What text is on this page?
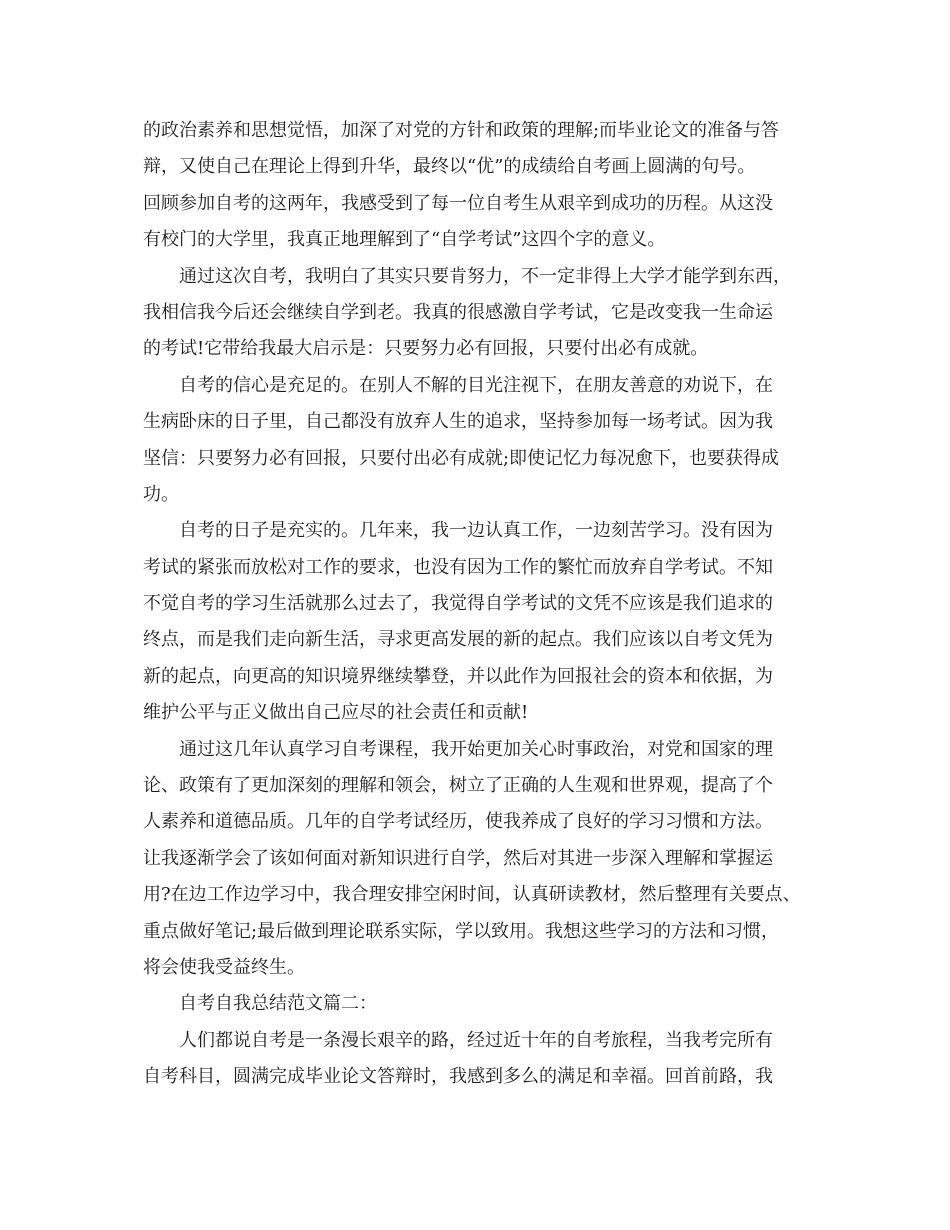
的政治素养和思想觉悟，加深了对党的方针和政策的理解;而毕业论文的准备与答
辩，又使自己在理论上得到升华，最终以“优”的成绩给自考画上圆满的句号。
回顾参加自考的这两年，我感受到了每一位自考生从艰辛到成功的历程。从这没
有校门的大学里，我真正地理解到了“自学考试”这四个字的意义。
通过这次自考，我明白了其实只要肯努力，不一定非得上大学才能学到东西，
我相信我今后还会继续自学到老。我真的很感激自学考试，它是改变我一生命运
的考试!它带给我最大启示是：只要努力必有回报，只要付出必有成就。
自考的信心是充足的。在别人不解的目光注视下，在朋友善意的劝说下，在
生病卧床的日子里，自己都没有放弃人生的追求，坚持参加每一场考试。因为我
坚信：只要努力必有回报，只要付出必有成就;即使记忆力每况愈下，也要获得成
功。
自考的日子是充实的。几年来，我一边认真工作，一边刻苦学习。没有因为
考试的紧张而放松对工作的要求，也没有因为工作的繁忙而放弃自学考试。不知
不觉自考的学习生活就那么过去了，我觉得自学考试的文凭不应该是我们追求的
终点，而是我们走向新生活，寻求更高发展的新的起点。我们应该以自考文凭为
新的起点，向更高的知识境界继续攀登，并以此作为回报社会的资本和依据，为
维护公平与正义做出自己应尽的社会责任和贡献!
通过这几年认真学习自考课程，我开始更加关心时事政治，对党和国家的理
论、政策有了更加深刻的理解和领会，树立了正确的人生观和世界观，提高了个
人素养和道德品质。几年的自学考试经历，使我养成了良好的学习习惯和方法。
让我逐渐学会了该如何面对新知识进行自学，然后对其进一步深入理解和掌握运
用?在边工作边学习中，我合理安排空闲时间，认真研读教材，然后整理有关要点、
重点做好笔记;最后做到理论联系实际，学以致用。我想这些学习的方法和习惯，
将会使我受益终生。
自考自我总结范文篇二：
人们都说自考是一条漫长艰辛的路，经过近十年的自考旅程，当我考完所有
自考科目，圆满完成毕业论文答辩时，我感到多么的满足和幸福。回首前路，我
